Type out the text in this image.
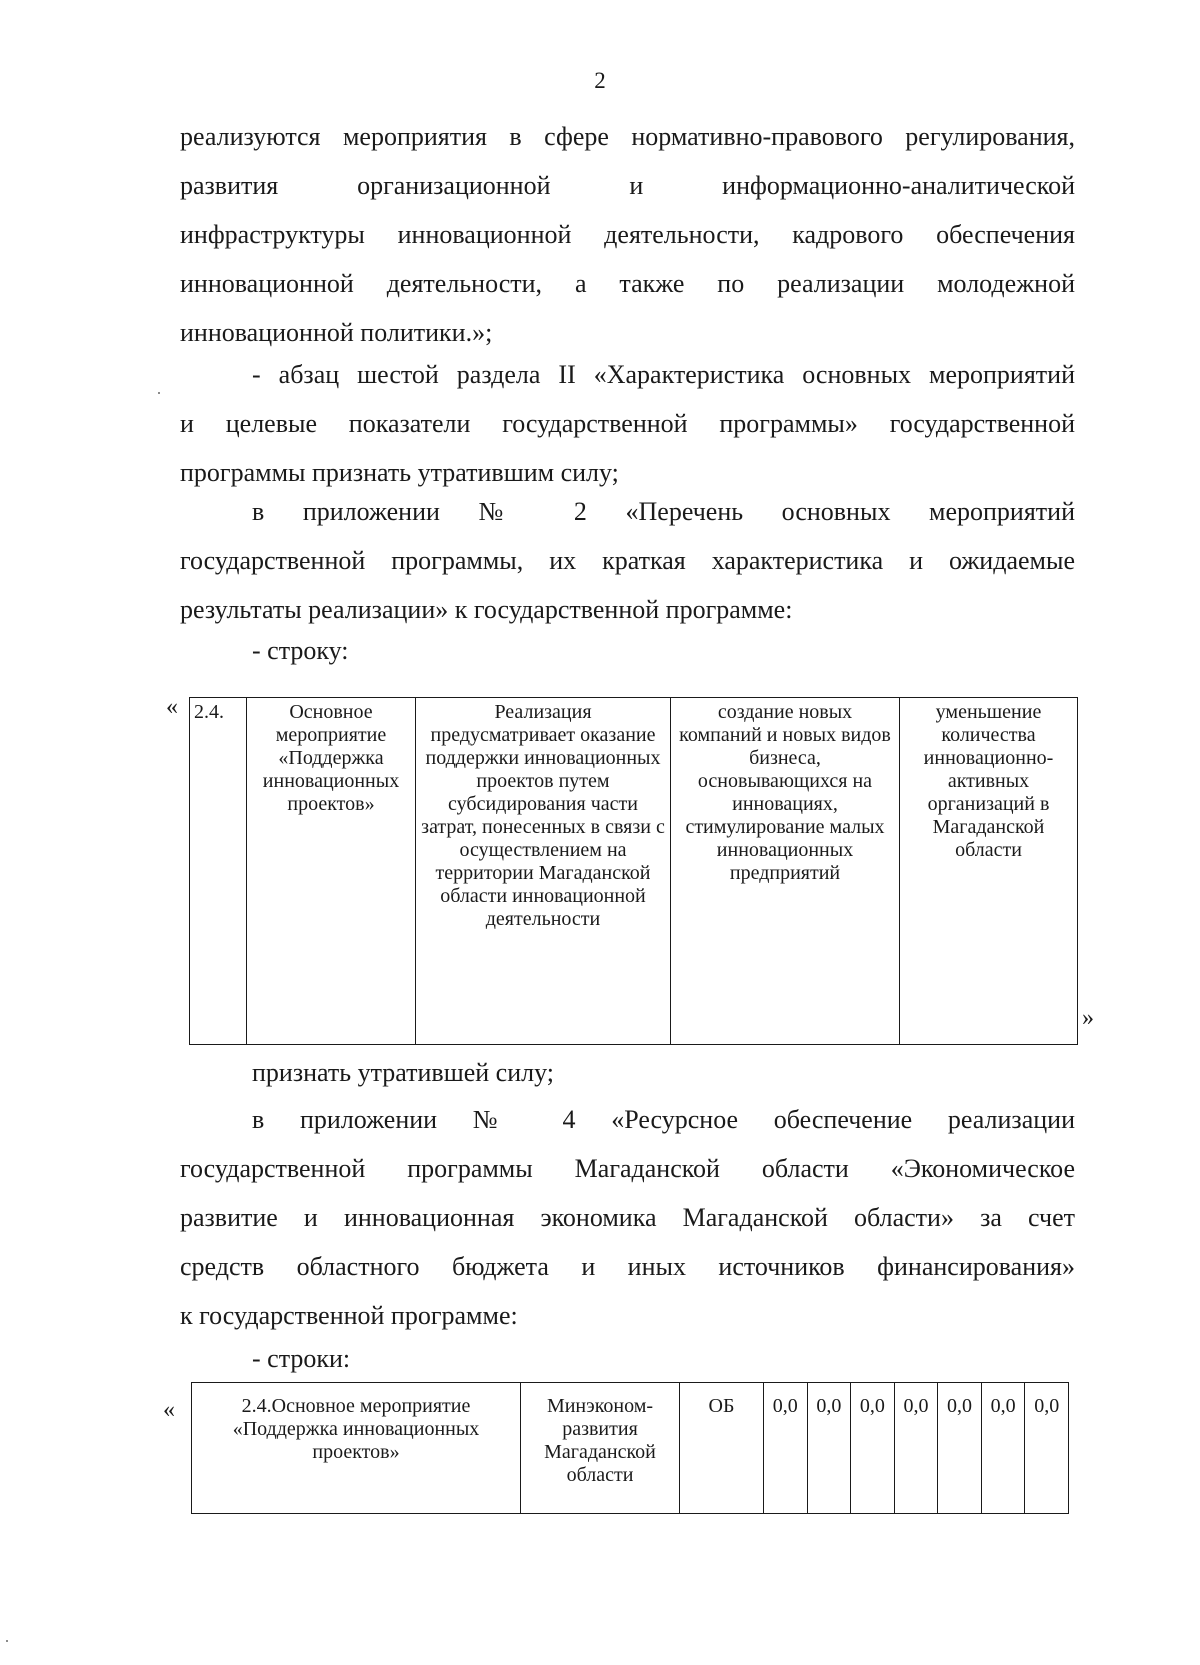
2
реализуются мероприятия в сфере нормативно-правового регулирования,
развития организационной и информационно-аналитической
инфраструктуры инновационной деятельности, кадрового обеспечения
инновационной деятельности, а также по реализации молодежной
инновационной политики.»;
- абзац шестой раздела II «Характеристика основных мероприятий
и целевые показатели государственной программы» государственной
программы признать утратившим силу;
в приложении № 2 «Перечень основных мероприятий
государственной программы, их краткая характеристика и ожидаемые
результаты реализации» к государственной программе:
- строку:
« 2.4.	Основное мероприятие «Поддержка инновационных проектов»	Реализация предусматривает оказание поддержки инновационных проектов путем субсидирования части затрат, понесенных в связи с осуществлением на территории Магаданской области инновационной деятельности	создание новых компаний и новых видов бизнеса, основывающихся на инновациях, стимулирование малых инновационных предприятий	уменьшение количества инновационно-активных организаций в Магаданской области
»
признать утратившей силу;
в приложении № 4 «Ресурсное обеспечение реализации
государственной программы Магаданской области «Экономическое
развитие и инновационная экономика Магаданской области» за счет
средств областного бюджета и иных источников финансирования»
к государственной программе:
- строки:
«	2.4.Основное мероприятие «Поддержка инновационных проектов»	Минэконом-развития Магаданской области	ОБ	0,0	0,0	0,0	0,0	0,0	0,0	0,0
